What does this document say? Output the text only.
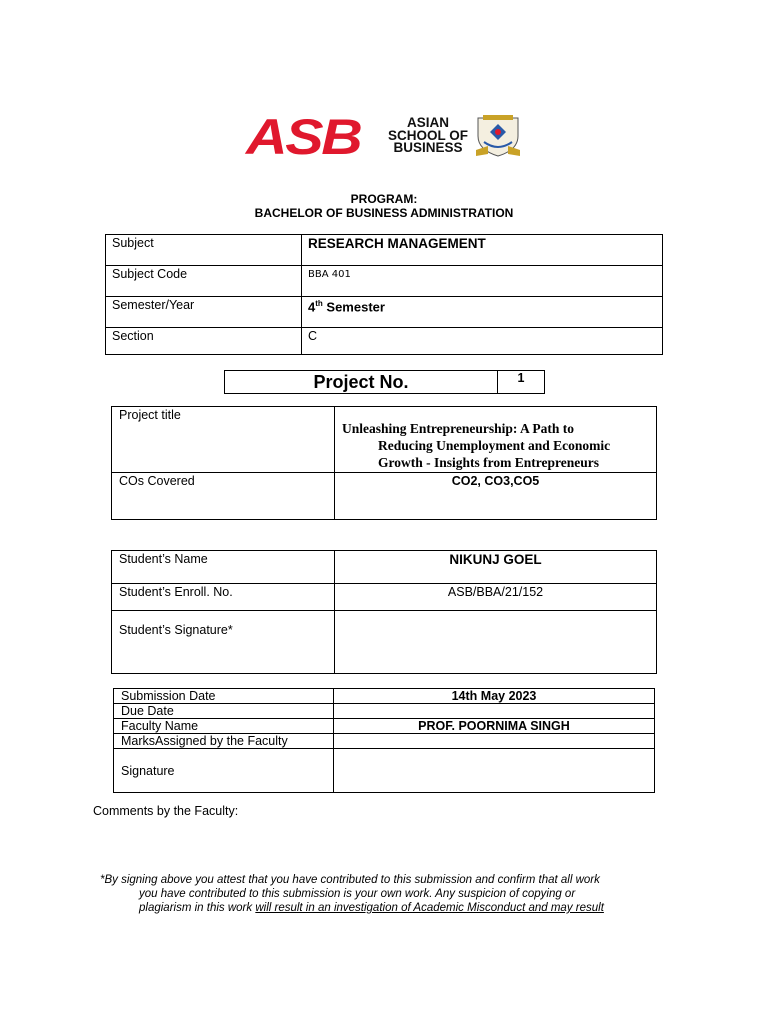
ASB	ASIAN
SCHOOL OF
BUSINESS
PROGRAM:
BACHELOR OF BUSINESS ADMINISTRATION
Subject	RESEARCH MANAGEMENT
Subject Code	BBA 401
Semester/Year	4th Semester
Section	C
Project No.	1
Project title	Unleashing Entrepreneurship: A Path to
Reducing Unemployment and Economic
Growth - Insights from Entrepreneurs

COs Covered	CO2, CO3,CO5
Student’s Name	NIKUNJ GOEL
Student’s Enroll. No.	ASB/BBA/21/152
Student’s Signature*	
Submission Date	14th May 2023
Due Date	
Faculty Name	PROF. POORNIMA SINGH
MarksAssigned by the Faculty	
Signature	
Comments by the Faculty:
*By signing above you attest that you have contributed to this submission and confirm that all work
you have contributed to this submission is your own work. Any suspicion of copying or
plagiarism in this work will result in an investigation of Academic Misconduct and may result
